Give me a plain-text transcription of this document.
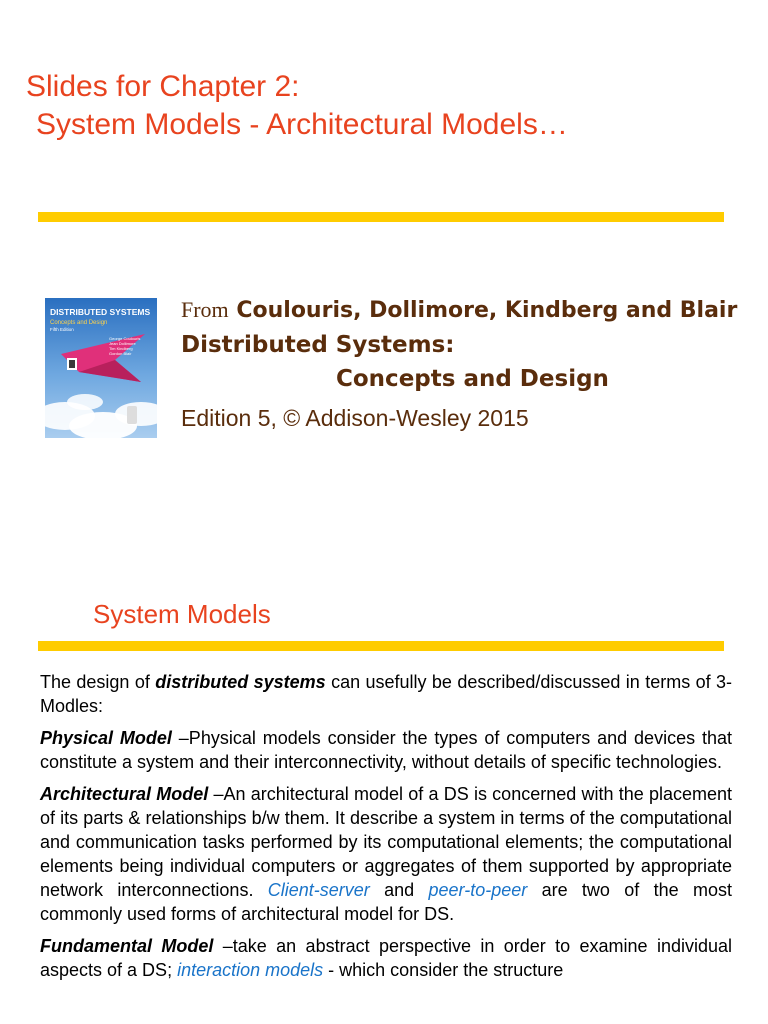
Slides for Chapter 2:
System Models - Architectural Models…
DISTRIBUTED SYSTEMS
Concepts and Design
Fifth Edition
George Coulouris
Jean Dollimore
Tim Kindberg
Gordon Blair
From Coulouris, Dollimore, Kindberg and Blair
Distributed Systems:
Concepts and Design
Edition 5, © Addison-Wesley 2015
System Models

The design of distributed systems can usefully be described/discussed in terms of 3-Modles:

Physical Model –Physical models consider the types of computers and devices that constitute a system and their interconnectivity, without details of specific technologies.

Architectural Model –An architectural model of a DS is concerned with the placement of its parts & relationships b/w them. It describe a system in terms of the computational and communication tasks performed by its computational elements; the computational elements being individual computers or aggregates of them supported by appropriate network interconnections. Client-server and peer-to-peer are two of the most commonly used forms of architectural model for DS.

Fundamental Model –take an abstract perspective in order to examine individual aspects of a DS; interaction models - which consider the structure
